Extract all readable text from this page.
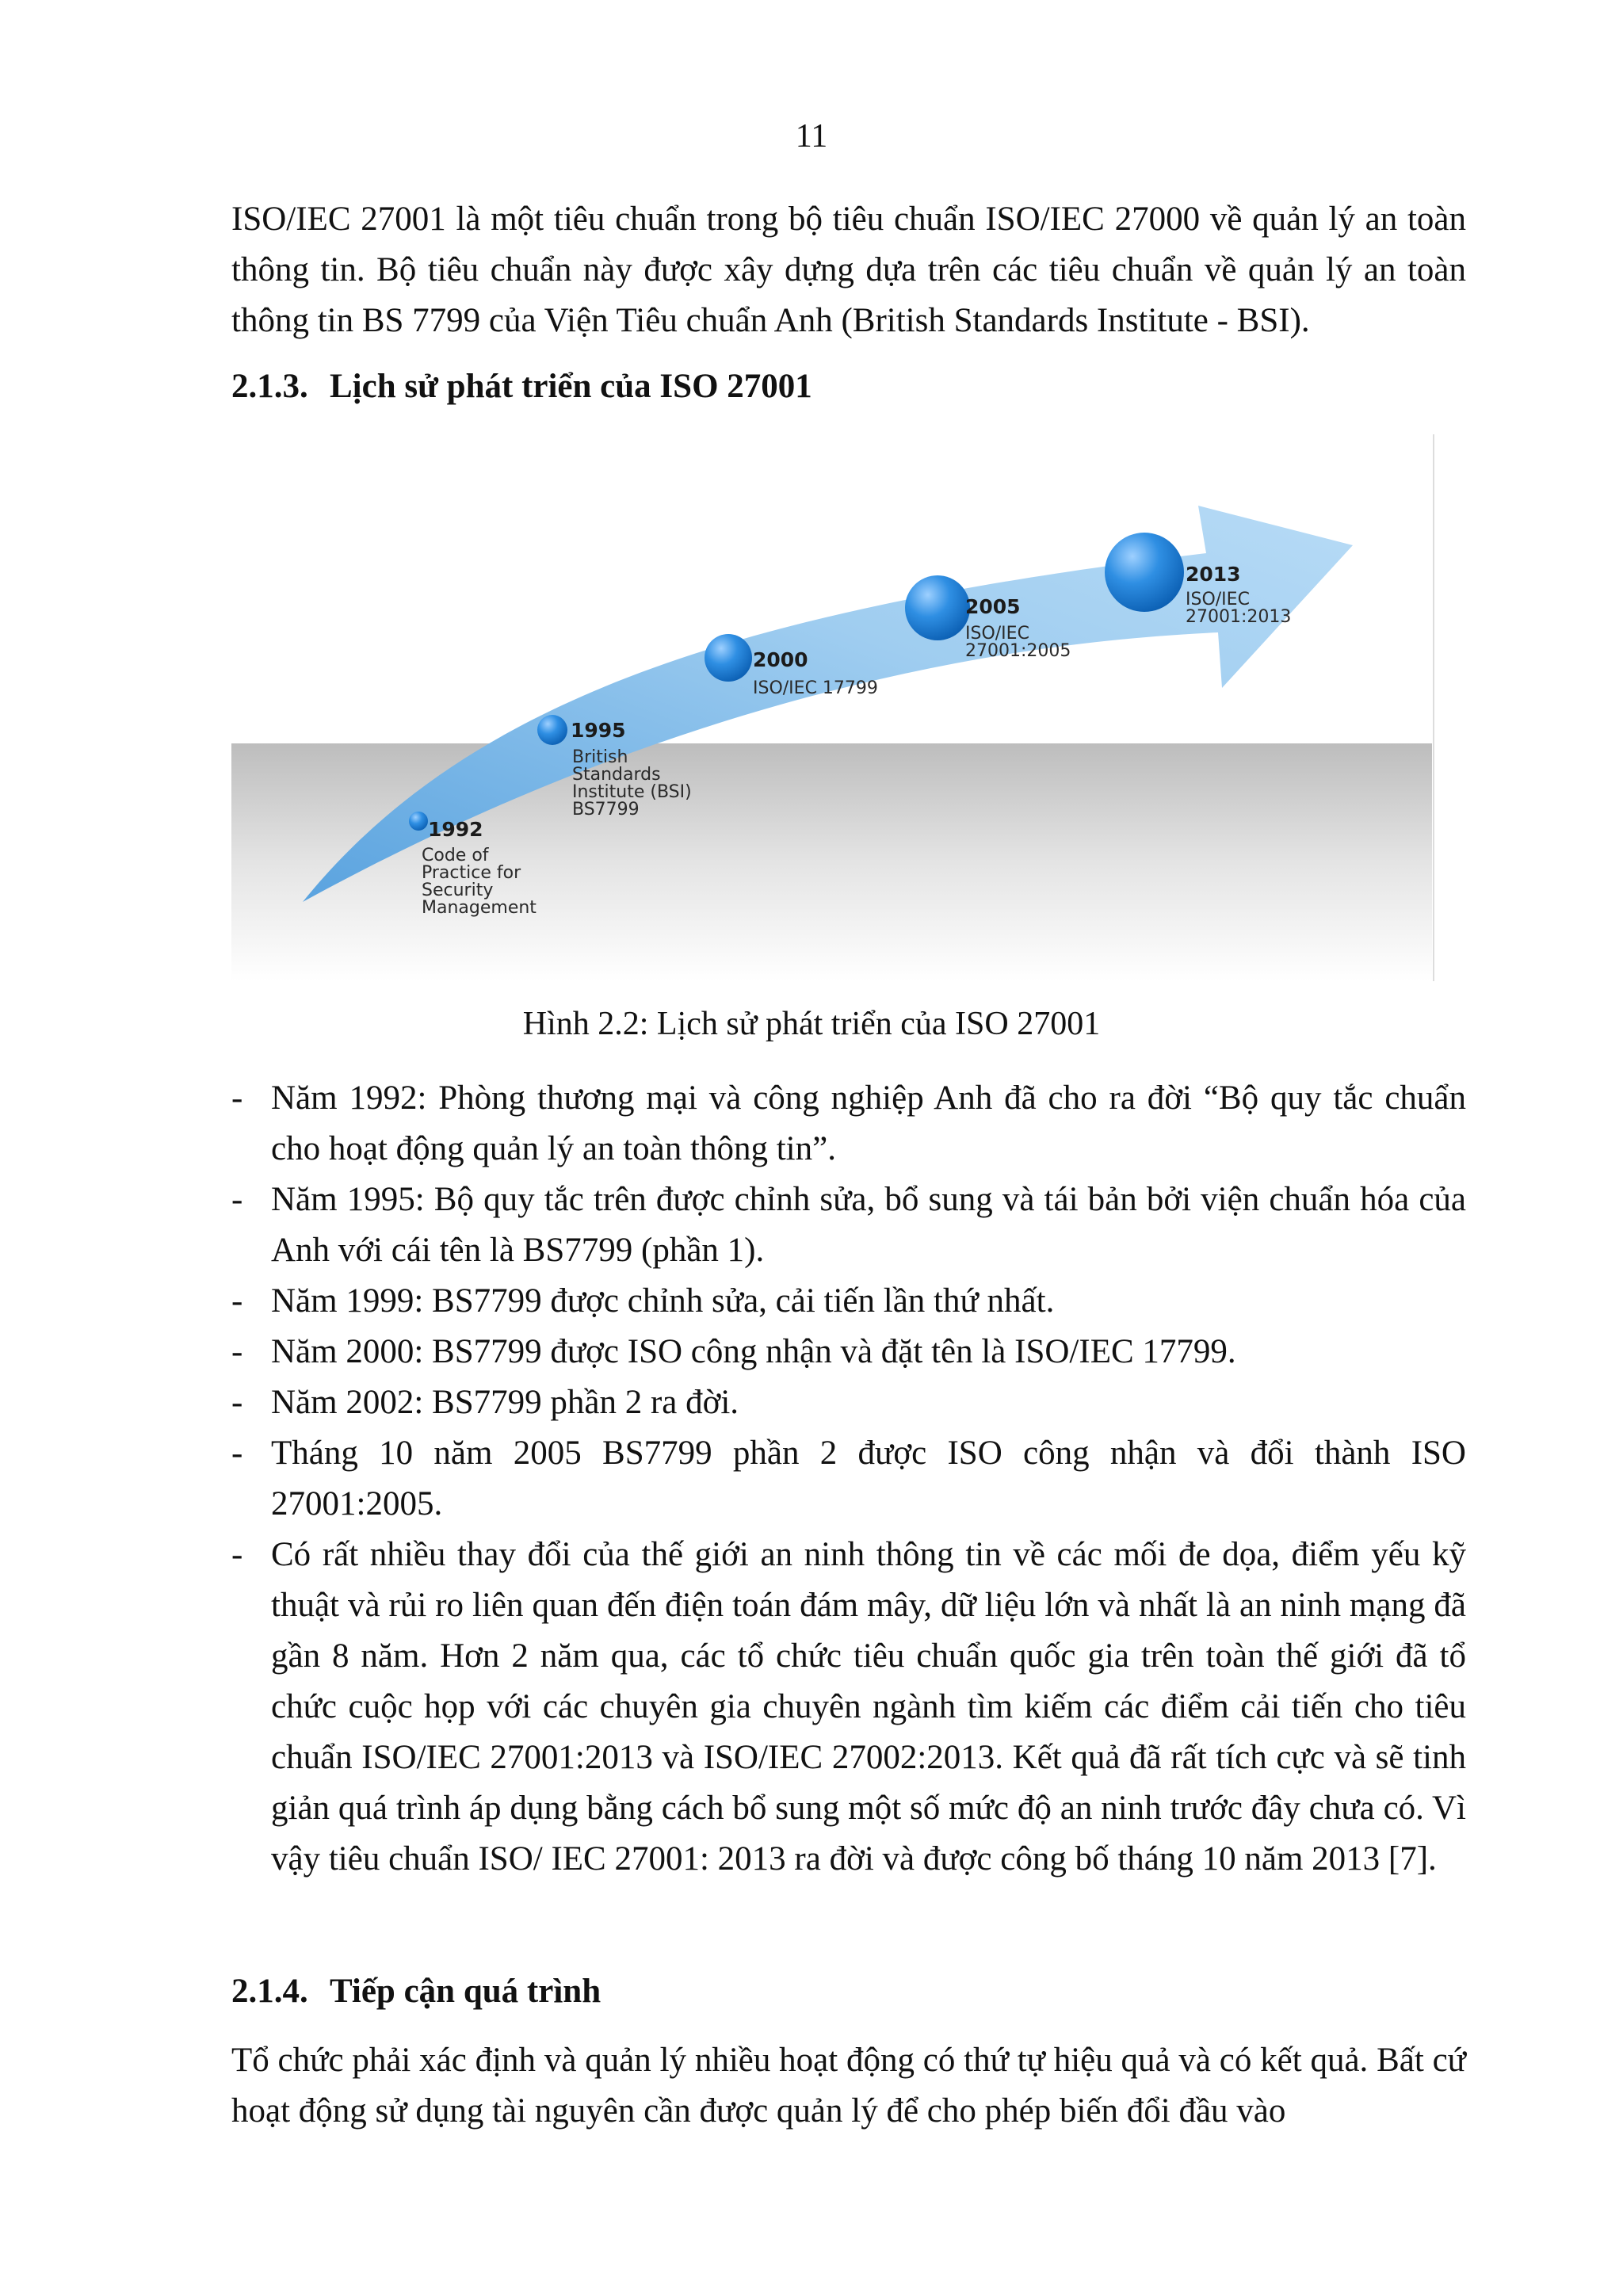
11

ISO/IEC 27001 là một tiêu chuẩn trong bộ tiêu chuẩn ISO/IEC 27000 về quản lý an toàn thông tin. Bộ tiêu chuẩn này được xây dựng dựa trên các tiêu chuẩn về quản lý an toàn thông tin BS 7799 của Viện Tiêu chuẩn Anh (British Standards Institute - BSI).

2.1.3. Lịch sử phát triển của ISO 27001
1992
Code of
Practice for
Security
Management
1995
British
Standards
Institute (BSI)
BS7799
2000
ISO/IEC 17799
2005
ISO/IEC
27001:2005
2013
ISO/IEC
27001:2013
Hình 2.2: Lịch sử phát triển của ISO 27001
- Năm 1992: Phòng thương mại và công nghiệp Anh đã cho ra đời “Bộ quy tắc chuẩn cho hoạt động quản lý an toàn thông tin”.
- Năm 1995: Bộ quy tắc trên được chỉnh sửa, bổ sung và tái bản bởi viện chuẩn hóa của Anh với cái tên là BS7799 (phần 1).
- Năm 1999: BS7799 được chỉnh sửa, cải tiến lần thứ nhất.
- Năm 2000: BS7799 được ISO công nhận và đặt tên là ISO/IEC 17799.
- Năm 2002: BS7799 phần 2 ra đời.
- Tháng 10 năm 2005 BS7799 phần 2 được ISO công nhận và đổi thành ISO 27001:2005.
- Có rất nhiều thay đổi của thế giới an ninh thông tin về các mối đe dọa, điểm yếu kỹ thuật và rủi ro liên quan đến điện toán đám mây, dữ liệu lớn và nhất là an ninh mạng đã gần 8 năm. Hơn 2 năm qua, các tổ chức tiêu chuẩn quốc gia trên toàn thế giới đã tổ chức cuộc họp với các chuyên gia chuyên ngành tìm kiếm các điểm cải tiến cho tiêu chuẩn ISO/IEC 27001:2013 và ISO/IEC 27002:2013. Kết quả đã rất tích cực và sẽ tinh giản quá trình áp dụng bằng cách bổ sung một số mức độ an ninh trước đây chưa có. Vì vậy tiêu chuẩn ISO/ IEC 27001: 2013 ra đời và được công bố tháng 10 năm 2013 [7].
2.1.4. Tiếp cận quá trình

Tổ chức phải xác định và quản lý nhiều hoạt động có thứ tự hiệu quả và có kết quả. Bất cứ hoạt động sử dụng tài nguyên cần được quản lý để cho phép biến đổi đầu vào
